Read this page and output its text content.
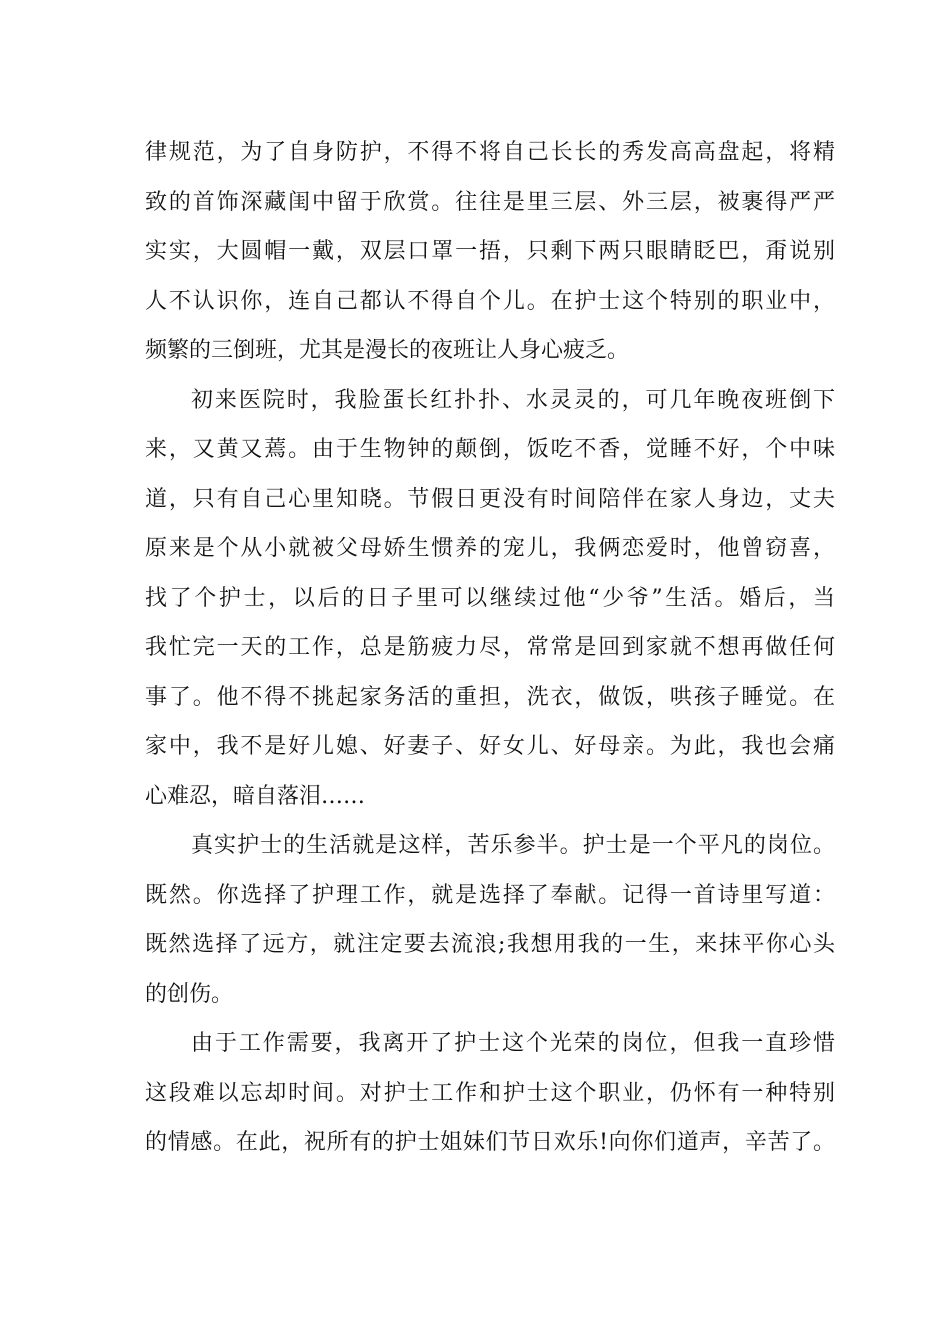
律规范，为了自身防护，不得不将自己长长的秀发高高盘起，将精
致的首饰深藏闺中留于欣赏。往往是里三层、外三层，被裹得严严
实实，大圆帽一戴，双层口罩一捂，只剩下两只眼睛眨巴，甭说别
人不认识你，连自己都认不得自个儿。在护士这个特别的职业中，
频繁的三倒班，尤其是漫长的夜班让人身心疲乏。
初来医院时，我脸蛋长红扑扑、水灵灵的，可几年晚夜班倒下
来，又黄又蔫。由于生物钟的颠倒，饭吃不香，觉睡不好，个中味
道，只有自己心里知晓。节假日更没有时间陪伴在家人身边，丈夫
原来是个从小就被父母娇生惯养的宠儿，我俩恋爱时，他曾窃喜，
找了个护士，以后的日子里可以继续过他“少爷”生活。婚后，当
我忙完一天的工作，总是筋疲力尽，常常是回到家就不想再做任何
事了。他不得不挑起家务活的重担，洗衣，做饭，哄孩子睡觉。在
家中，我不是好儿媳、好妻子、好女儿、好母亲。为此，我也会痛
心难忍，暗自落泪……
真实护士的生活就是这样，苦乐参半。护士是一个平凡的岗位。
既然。你选择了护理工作，就是选择了奉献。记得一首诗里写道：
既然选择了远方，就注定要去流浪;我想用我的一生，来抹平你心头
的创伤。
由于工作需要，我离开了护士这个光荣的岗位，但我一直珍惜
这段难以忘却时间。对护士工作和护士这个职业，仍怀有一种特别
的情感。在此，祝所有的护士姐妹们节日欢乐!向你们道声，辛苦了。
